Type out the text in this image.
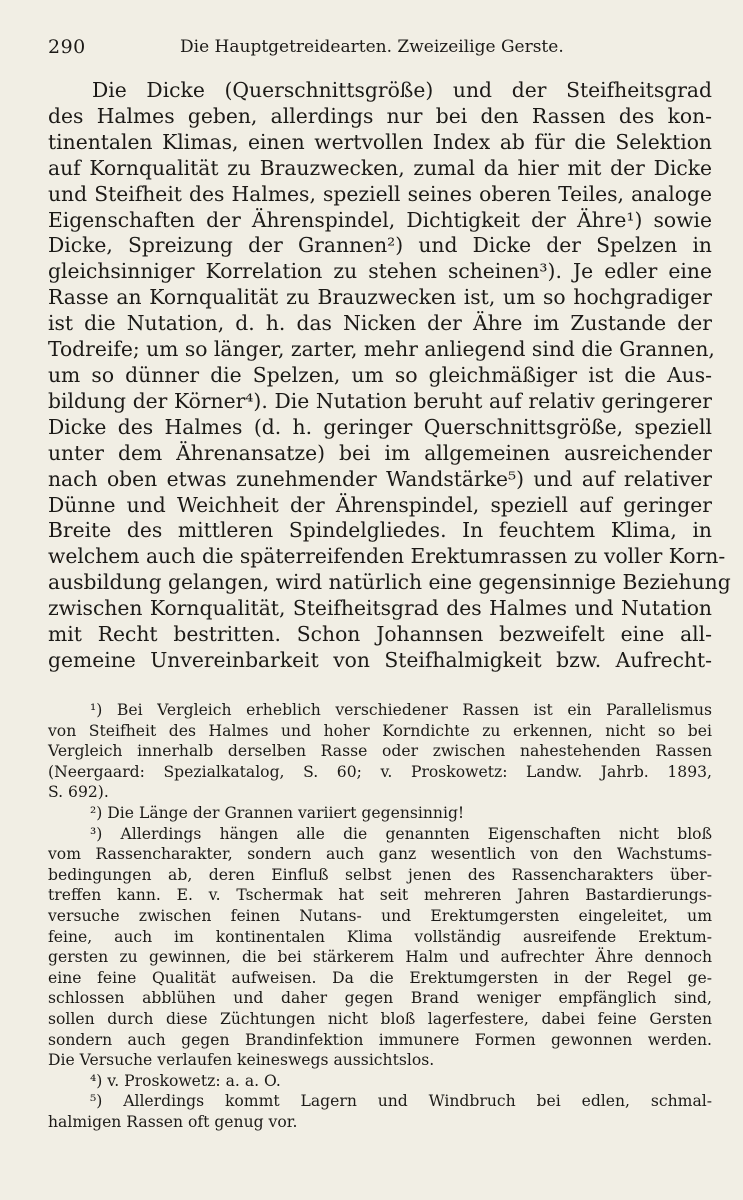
290	Die Hauptgetreidearten. Zweizeilige Gerste.
Die Dicke (Querschnittsgröße) und der Steifheitsgrad
des Halmes geben, allerdings nur bei den Rassen des kon-
tinentalen Klimas, einen wertvollen Index ab für die Selektion
auf Kornqualität zu Brauzwecken, zumal da hier mit der Dicke
und Steifheit des Halmes, speziell seines oberen Teiles, analoge
Eigenschaften der Ährenspindel, Dichtigkeit der Ähre¹) sowie
Dicke, Spreizung der Grannen²) und Dicke der Spelzen in
gleichsinniger Korrelation zu stehen scheinen³). Je edler eine
Rasse an Kornqualität zu Brauzwecken ist, um so hochgradiger
ist die Nutation, d. h. das Nicken der Ähre im Zustande der
Todreife; um so länger, zarter, mehr anliegend sind die Grannen,
um so dünner die Spelzen, um so gleichmäßiger ist die Aus-
bildung der Körner⁴). Die Nutation beruht auf relativ geringerer
Dicke des Halmes (d. h. geringer Querschnittsgröße, speziell
unter dem Ährenansatze) bei im allgemeinen ausreichender
nach oben etwas zunehmender Wandstärke⁵) und auf relativer
Dünne und Weichheit der Ährenspindel, speziell auf geringer
Breite des mittleren Spindelgliedes. In feuchtem Klima, in
welchem auch die späterreifenden Erektumrassen zu voller Korn-
ausbildung gelangen, wird natürlich eine gegensinnige Beziehung
zwischen Kornqualität, Steifheitsgrad des Halmes und Nutation
mit Recht bestritten. Schon Johannsen bezweifelt eine all-
gemeine Unvereinbarkeit von Steifhalmigkeit bzw. Aufrecht-
¹) Bei Vergleich erheblich verschiedener Rassen ist ein Parallelismus
von Steifheit des Halmes und hoher Korndichte zu erkennen, nicht so bei
Vergleich innerhalb derselben Rasse oder zwischen nahestehenden Rassen
(Neergaard: Spezialkatalog, S. 60; v. Proskowetz: Landw. Jahrb. 1893,
S. 692).
²) Die Länge der Grannen variiert gegensinnig!
³) Allerdings hängen alle die genannten Eigenschaften nicht bloß
vom Rassencharakter, sondern auch ganz wesentlich von den Wachstums-
bedingungen ab, deren Einfluß selbst jenen des Rassencharakters über-
treffen kann. E. v. Tschermak hat seit mehreren Jahren Bastardierungs-
versuche zwischen feinen Nutans- und Erektumgersten eingeleitet, um
feine, auch im kontinentalen Klima vollständig ausreifende Erektum-
gersten zu gewinnen, die bei stärkerem Halm und aufrechter Ähre dennoch
eine feine Qualität aufweisen. Da die Erektumgersten in der Regel ge-
schlossen abblühen und daher gegen Brand weniger empfänglich sind,
sollen durch diese Züchtungen nicht bloß lagerfestere, dabei feine Gersten
sondern auch gegen Brandinfektion immunere Formen gewonnen werden.
Die Versuche verlaufen keineswegs aussichtslos.
⁴) v. Proskowetz: a. a. O.
⁵) Allerdings kommt Lagern und Windbruch bei edlen, schmal-
halmigen Rassen oft genug vor.
